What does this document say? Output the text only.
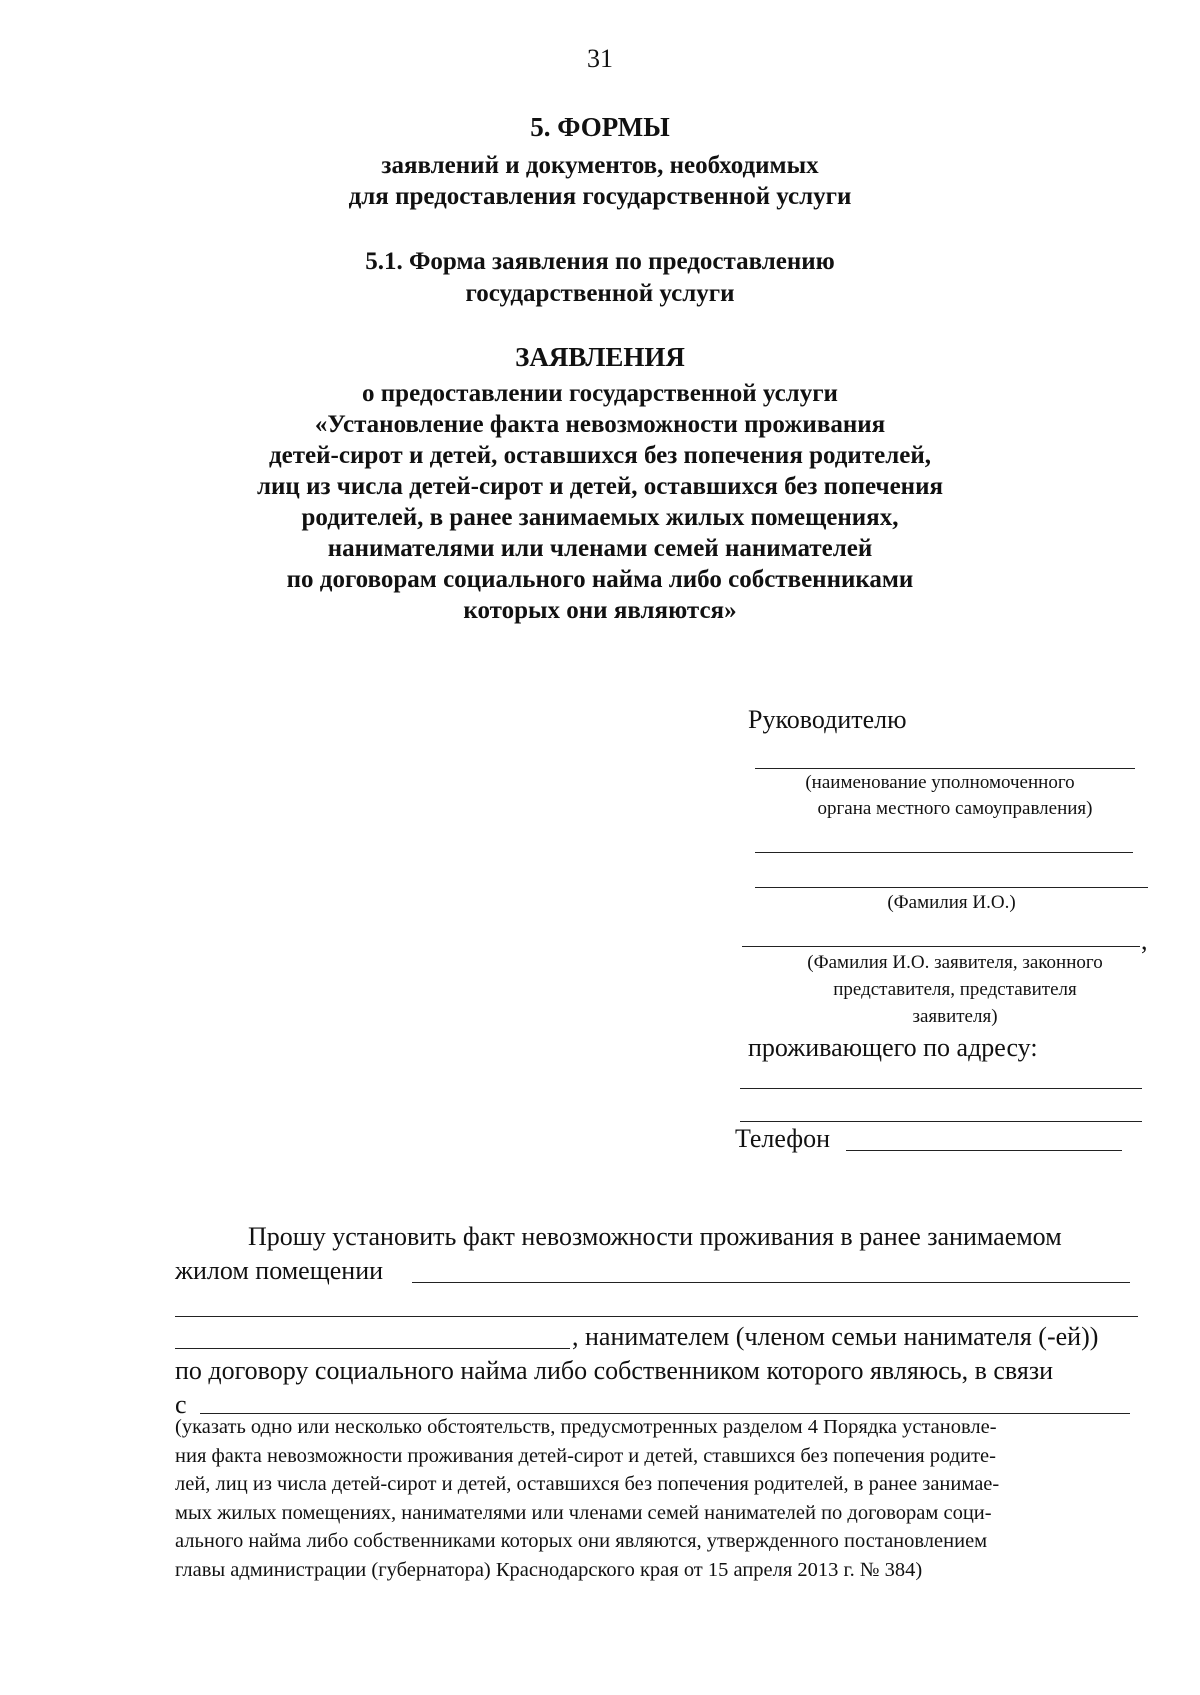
31
5. ФОРМЫ
заявлений и документов, необходимых
для предоставления государственной услуги
5.1. Форма заявления по предоставлению
государственной услуги
ЗАЯВЛЕНИЯ
о предоставлении государственной услуги
«Установление факта невозможности проживания
детей-сирот и детей, оставшихся без попечения родителей,
лиц из числа детей-сирот и детей, оставшихся без попечения
родителей, в ранее занимаемых жилых помещениях,
нанимателями или членами семей нанимателей
по договорам социального найма либо собственниками
которых они являются»
Руководителю
(наименование уполномоченного
органа местного самоуправления)
(Фамилия И.О.)
,
(Фамилия И.О. заявителя, законного
представителя, представителя
заявителя)
проживающего по адресу:
Телефон
Прошу установить факт невозможности проживания в ранее занимаемом
жилом помещении
, нанимателем (членом семьи нанимателя (-ей))
по договору социального найма либо собственником которого являюсь, в связи
с

(указать одно или несколько обстоятельств, предусмотренных разделом 4 Порядка установле-

ния факта невозможности проживания детей-сирот и детей, ставшихся без попечения родите-

лей, лиц из числа детей-сирот и детей, оставшихся без попечения родителей, в ранее занимае-

мых жилых помещениях, нанимателями или членами семей нанимателей по договорам соци-

ального найма либо собственниками которых они являются, утвержденного постановлением

главы администрации (губернатора) Краснодарского края от 15 апреля 2013 г. № 384)
